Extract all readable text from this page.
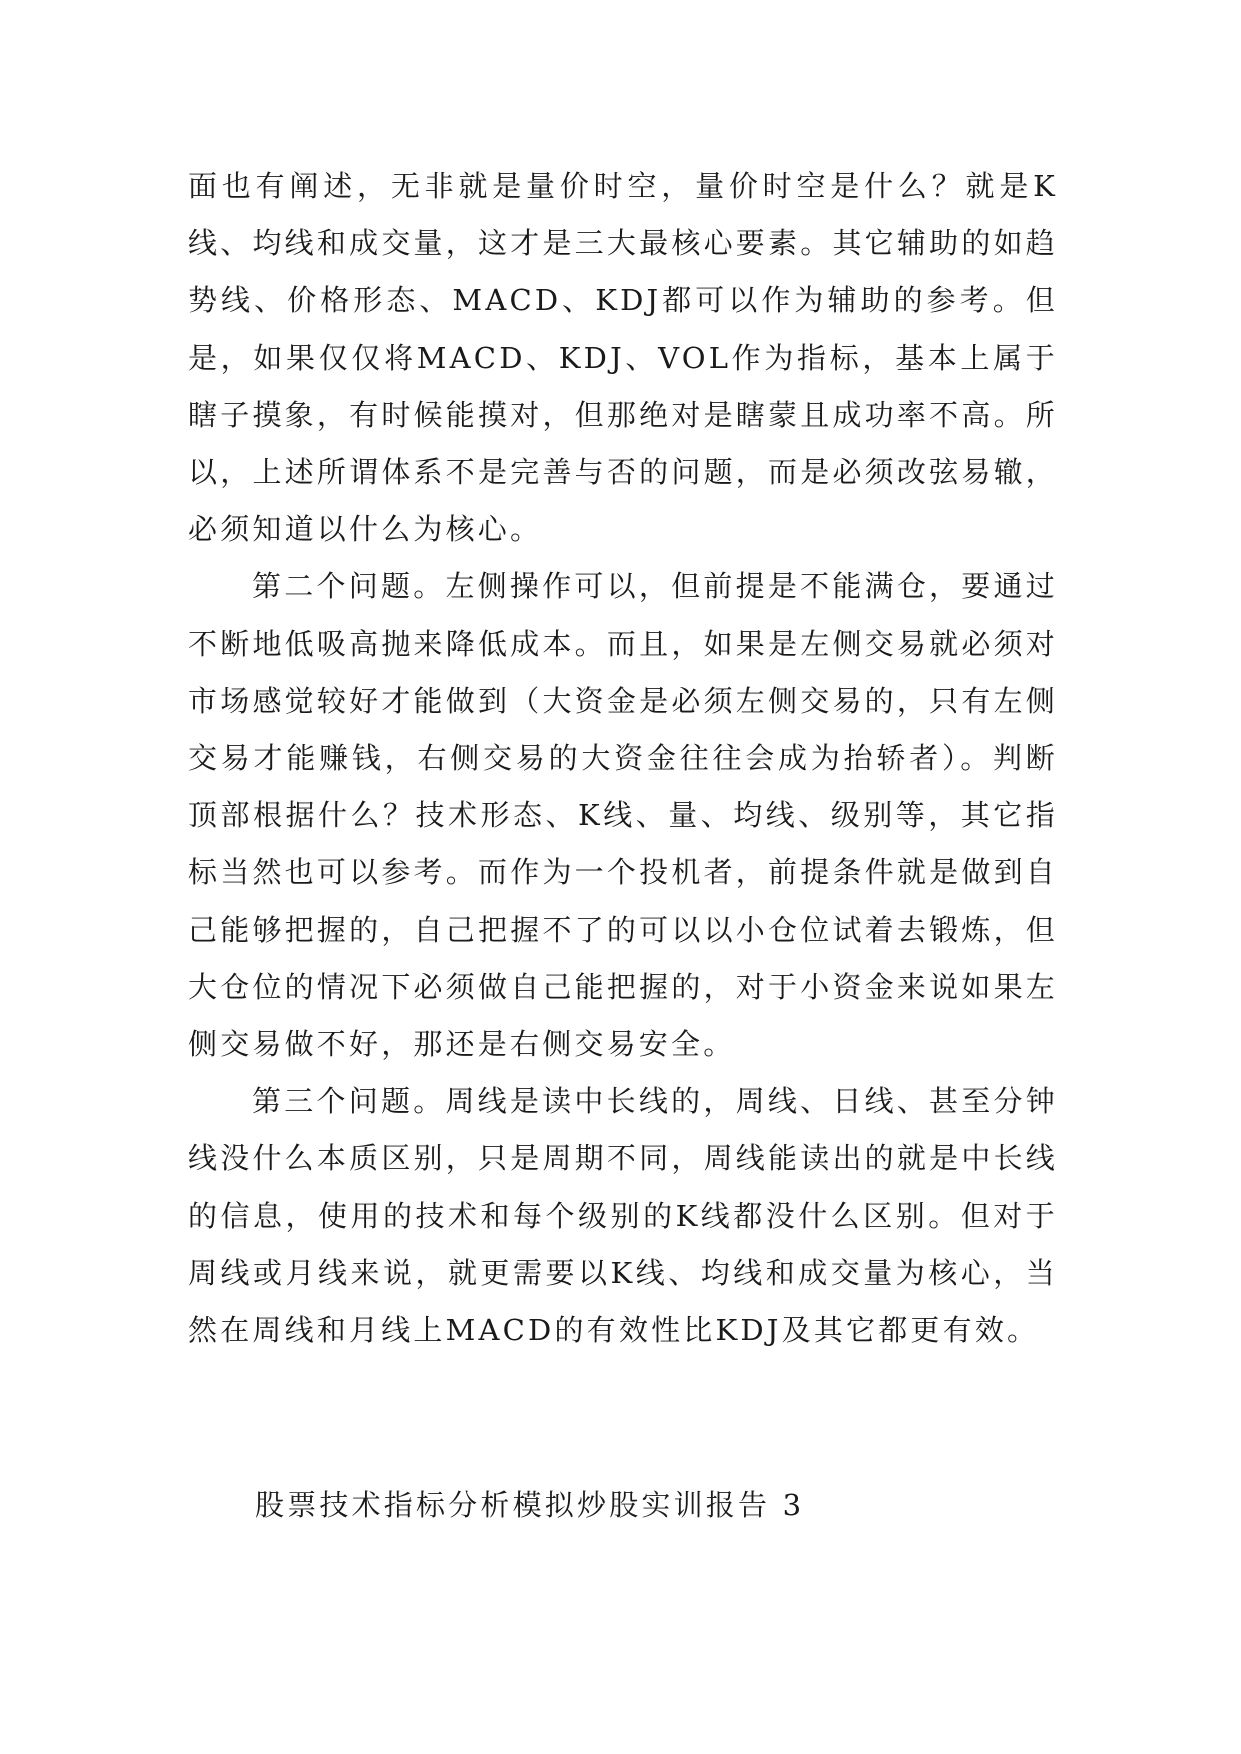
面也有阐述，无非就是量价时空，量价时空是什么？就是K线、均线和成交量，这才是三大最核心要素。其它辅助的如趋势线、价格形态、MACD、KDJ都可以作为辅助的参考。但是，如果仅仅将MACD、KDJ、VOL作为指标，基本上属于瞎子摸象，有时候能摸对，但那绝对是瞎蒙且成功率不高。所以，上述所谓体系不是完善与否的问题，而是必须改弦易辙，必须知道以什么为核心。

第二个问题。左侧操作可以，但前提是不能满仓，要通过不断地低吸高抛来降低成本。而且，如果是左侧交易就必须对市场感觉较好才能做到（大资金是必须左侧交易的，只有左侧交易才能赚钱，右侧交易的大资金往往会成为抬轿者）。判断顶部根据什么？技术形态、K线、量、均线、级别等，其它指标当然也可以参考。而作为一个投机者，前提条件就是做到自己能够把握的，自己把握不了的可以以小仓位试着去锻炼，但大仓位的情况下必须做自己能把握的，对于小资金来说如果左侧交易做不好，那还是右侧交易安全。

第三个问题。周线是读中长线的，周线、日线、甚至分钟线没什么本质区别，只是周期不同，周线能读出的就是中长线的信息，使用的技术和每个级别的K线都没什么区别。但对于周线或月线来说，就更需要以K线、均线和成交量为核心，当然在周线和月线上MACD的有效性比KDJ及其它都更有效。

股票技术指标分析模拟炒股实训报告 3
